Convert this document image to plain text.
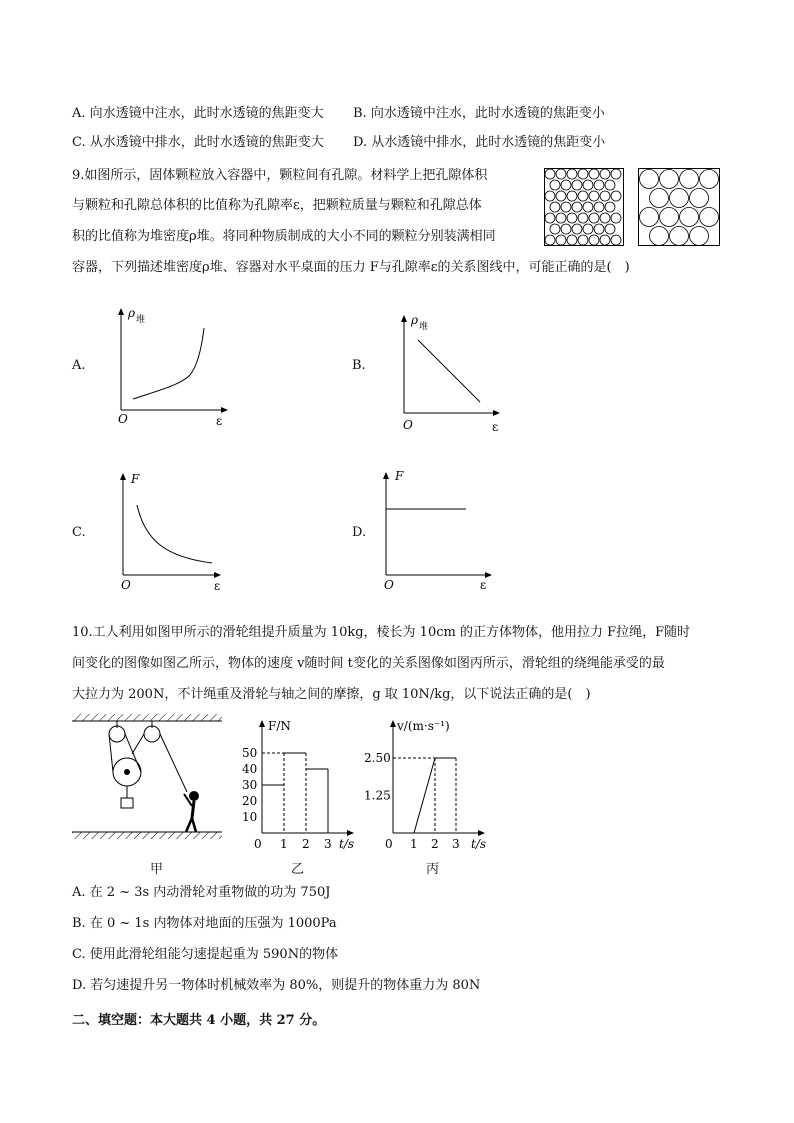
A. 向水透镜中注水，此时水透镜的焦距变大 B. 向水透镜中注水，此时水透镜的焦距变小
C. 从水透镜中排水，此时水透镜的焦距变大 D. 从水透镜中排水，此时水透镜的焦距变小
9.如图所示，固体颗粒放入容器中，颗粒间有孔隙。材料学上把孔隙体积
与颗粒和孔隙总体积的比值称为孔隙率ε，把颗粒质量与颗粒和孔隙总体
积的比值称为堆密度ρ堆。将同种物质制成的大小不同的颗粒分别装满相同
容器，下列描述堆密度ρ堆、容器对水平桌面的压力 F与孔隙率ε的关系图线中，可能正确的是(　)
A.
ρ 堆
O	ε
B.
ρ 堆
O	ε
C.
F
O	ε
D.
F
O	ε
10.工人利用如图甲所示的滑轮组提升质量为 10kg，棱长为 10cm 的正方体物体，他用拉力 F拉绳，F随时
间变化的图像如图乙所示，物体的速度 v随时间 t变化的关系图像如图丙所示，滑轮组的绕绳能承受的最
大拉力为 200N，不计绳重及滑轮与轴之间的摩擦，g 取 10N/kg，以下说法正确的是(　)
F/N
t/s
10
20
30
40
50
0 1 2 3
v/(m·s⁻¹)
t/s
1.25
2.50
0 1 2 3
甲	乙	丙
A. 在 2 ~ 3s 内动滑轮对重物做的功为 750J
B. 在 0 ~ 1s 内物体对地面的压强为 1000Pa
C. 使用此滑轮组能匀速提起重为 590N的物体
D. 若匀速提升另一物体时机械效率为 80%，则提升的物体重力为 80N
二、填空题：本大题共 4 小题，共 27 分。
